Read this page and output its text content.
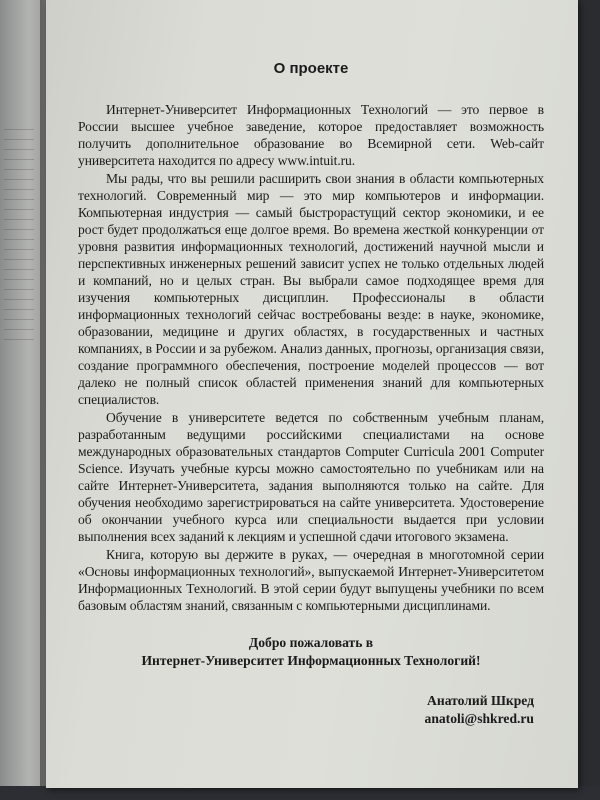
О проекте

Интернет-Университет Информационных Технологий — это первое в России высшее учебное заведение, которое предоставляет возможность получить дополнительное образование во Всемирной сети. Web-сайт университета находится по адресу www.intuit.ru.

Мы рады, что вы решили расширить свои знания в области компьютерных технологий. Современный мир — это мир компьютеров и информации. Компьютерная индустрия — самый быстрорастущий сектор экономики, и ее рост будет продолжаться еще долгое время. Во времена жесткой конкуренции от уровня развития информационных технологий, достижений научной мысли и перспективных инженерных решений зависит успех не только отдельных людей и компаний, но и целых стран. Вы выбрали самое подходящее время для изучения компьютерных дисциплин. Профессионалы в области информационных технологий сейчас востребованы везде: в науке, экономике, образовании, медицине и других областях, в государственных и частных компаниях, в России и за рубежом. Анализ данных, прогнозы, организация связи, создание программного обеспечения, построение моделей процессов — вот далеко не полный список областей применения знаний для компьютерных специалистов.

Обучение в университете ведется по собственным учебным планам, разработанным ведущими российскими специалистами на основе международных образовательных стандартов Computer Curricula 2001 Computer Science. Изучать учебные курсы можно самостоятельно по учебникам или на сайте Интернет-Университета, задания выполняются только на сайте. Для обучения необходимо зарегистрироваться на сайте университета. Удостоверение об окончании учебного курса или специальности выдается при условии выполнения всех заданий к лекциям и успешной сдачи итогового экзамена.

Книга, которую вы держите в руках, — очередная в многотомной серии «Основы информационных технологий», выпускаемой Интернет-Университетом Информационных Технологий. В этой серии будут выпущены учебники по всем базовым областям знаний, связанным с компьютерными дисциплинами.

Добро пожаловать в
Интернет-Университет Информационных Технологий!
Анатолий Шкред
anatoli@shkred.ru
